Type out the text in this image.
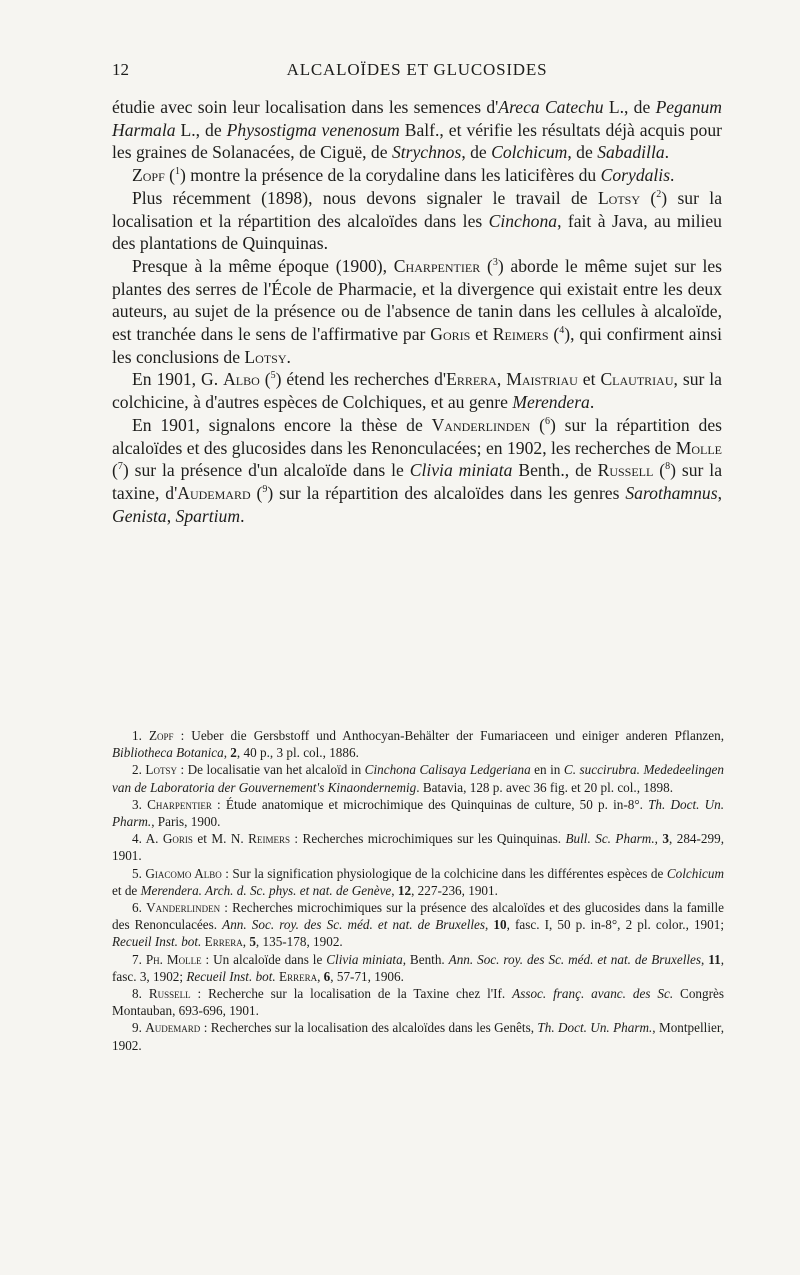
12	ALCALOÏDES ET GLUCOSIDES

étudie avec soin leur localisation dans les semences d'Areca Catechu L., de Peganum Harmala L., de Physostigma venenosum Balf., et vérifie les résultats déjà acquis pour les graines de Solanacées, de Ciguë, de Strychnos, de Colchicum, de Sabadilla.

Zopf ($^1$) montre la présence de la corydaline dans les laticifères du Corydalis.

Plus récemment (1898), nous devons signaler le travail de Lotsy ($^2$) sur la localisation et la répartition des alcaloïdes dans les Cinchona, fait à Java, au milieu des plantations de Quinquinas.

Presque à la même époque (1900), Charpentier ($^3$) aborde le même sujet sur les plantes des serres de l'École de Pharmacie, et la divergence qui existait entre les deux auteurs, au sujet de la présence ou de l'absence de tanin dans les cellules à alcaloïde, est tranchée dans le sens de l'affirmative par Goris et Reimers ($^4$), qui confirment ainsi les conclusions de Lotsy.

En 1901, G. Albo ($^5$) étend les recherches d'Errera, Maistriau et Clautriau, sur la colchicine, à d'autres espèces de Colchiques, et au genre Merendera.

En 1901, signalons encore la thèse de Vanderlinden ($^6$) sur la répartition des alcaloïdes et des glucosides dans les Renonculacées; en 1902, les recherches de Molle ($^7$) sur la présence d'un alcaloïde dans le Clivia miniata Benth., de Russell ($^8$) sur la taxine, d'Audemard ($^9$) sur la répartition des alcaloïdes dans les genres Sarothamnus, Genista, Spartium.

1. Zopf : Ueber die Gersbstoff und Anthocyan-Behälter der Fumariaceen und einiger anderen Pflanzen, Bibliotheca Botanica, 2, 40 p., 3 pl. col., 1886.

2. Lotsy : De localisatie van het alcaloïd in Cinchona Calisaya Ledgeriana en in C. succirubra. Mededeelingen van de Laboratoria der Gouvernement's Kinaondernemig. Batavia, 128 p. avec 36 fig. et 20 pl. col., 1898.

3. Charpentier : Étude anatomique et microchimique des Quinquinas de culture, 50 p. in-8°. Th. Doct. Un. Pharm., Paris, 1900.

4. A. Goris et M. N. Reimers : Recherches microchimiques sur les Quinquinas. Bull. Sc. Pharm., 3, 284-299, 1901.

5. Giacomo Albo : Sur la signification physiologique de la colchicine dans les différentes espèces de Colchicum et de Merendera. Arch. d. Sc. phys. et nat. de Genève, 12, 227-236, 1901.

6. Vanderlinden : Recherches microchimiques sur la présence des alcaloïdes et des glucosides dans la famille des Renonculacées. Ann. Soc. roy. des Sc. méd. et nat. de Bruxelles, 10, fasc. I, 50 p. in-8°, 2 pl. color., 1901; Recueil Inst. bot. Errera, 5, 135-178, 1902.

7. Ph. Molle : Un alcaloïde dans le Clivia miniata, Benth. Ann. Soc. roy. des Sc. méd. et nat. de Bruxelles, 11, fasc. 3, 1902; Recueil Inst. bot. Errera, 6, 57-71, 1906.

8. Russell : Recherche sur la localisation de la Taxine chez l'If. Assoc. franç. avanc. des Sc. Congrès Montauban, 693-696, 1901.

9. Audemard : Recherches sur la localisation des alcaloïdes dans les Genêts, Th. Doct. Un. Pharm., Montpellier, 1902.
